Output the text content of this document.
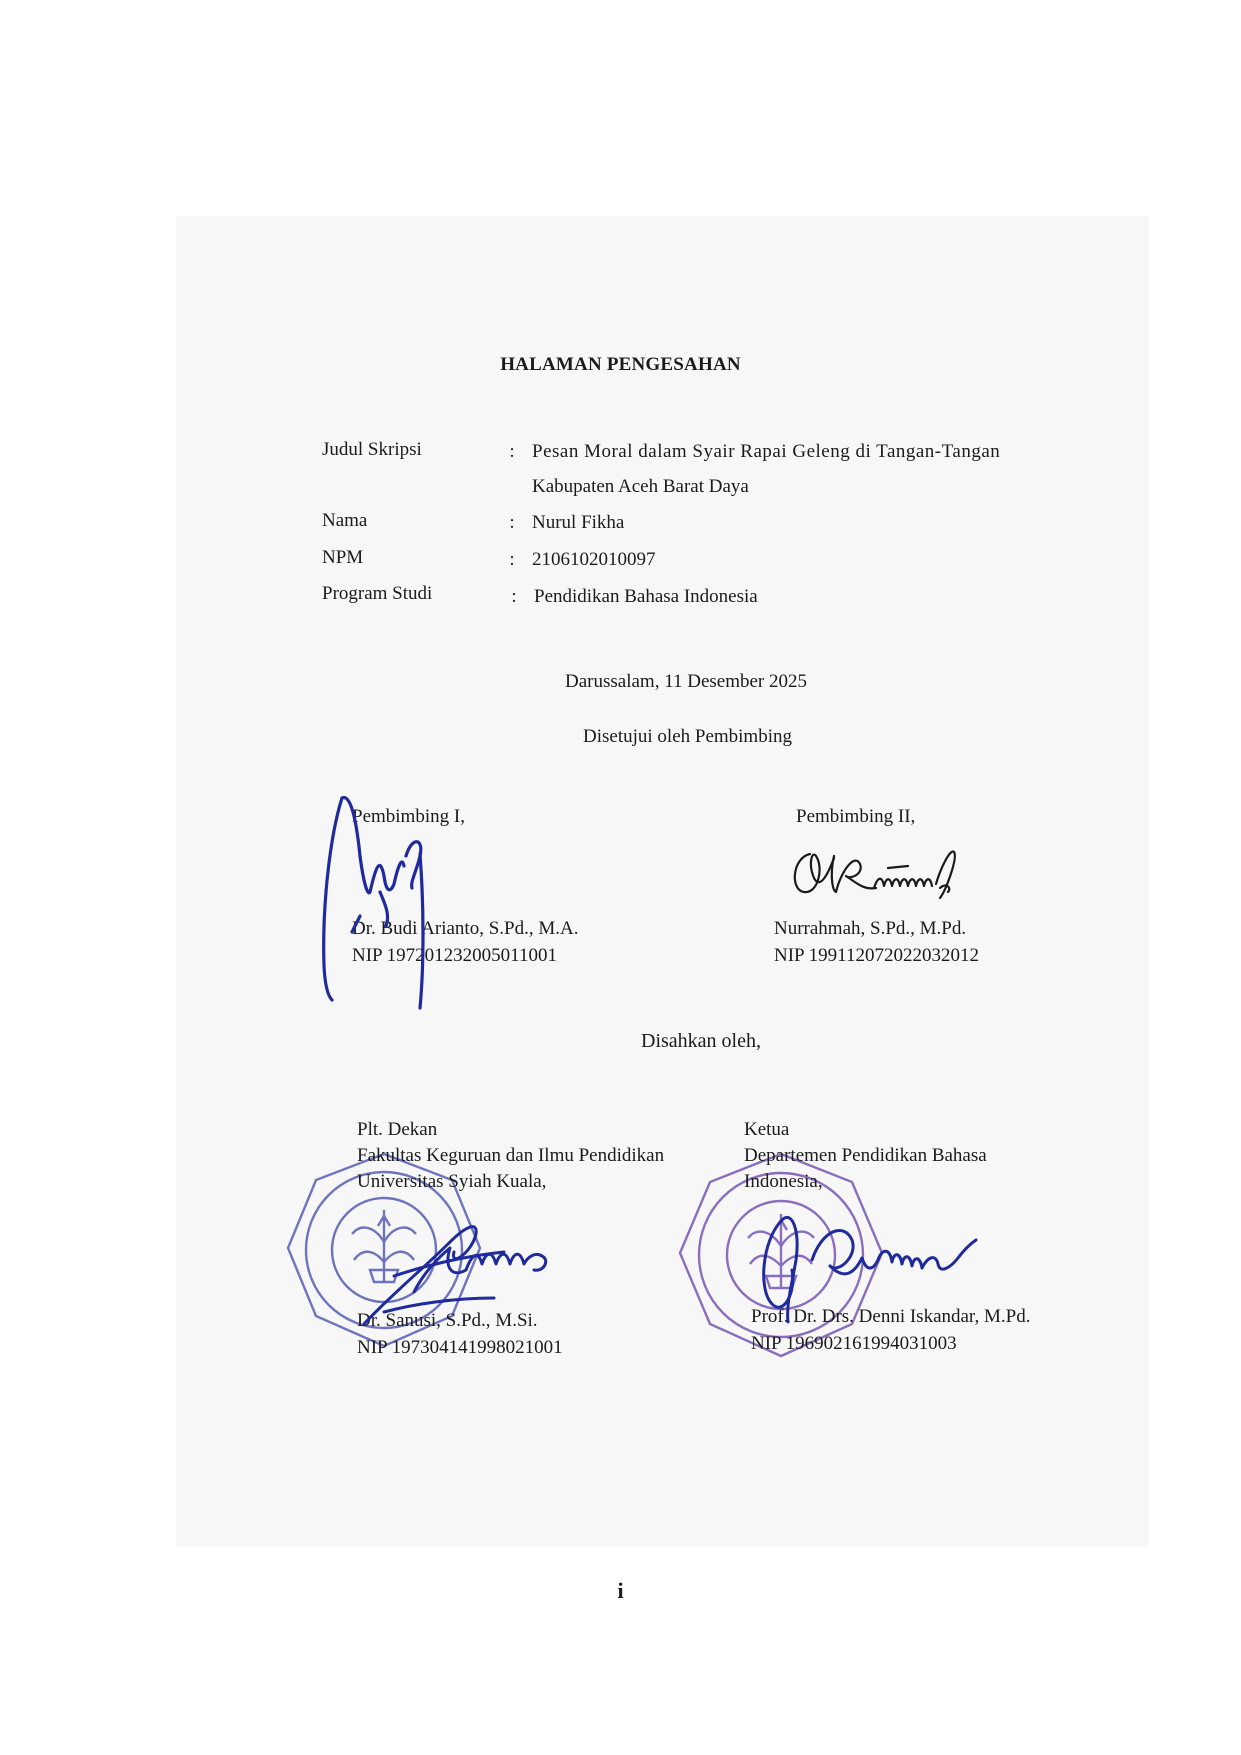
HALAMAN PENGESAHAN
Judul Skripsi	: Pesan Moral dalam Syair Rapai Geleng di Tangan-Tangan
Kabupaten Aceh Barat Daya
Nama	: Nurul Fikha
NPM	: 2106102010097
Program Studi	: Pendidikan Bahasa Indonesia
Darussalam, 11 Desember 2025
Disetujui oleh Pembimbing
Pembimbing I,
Dr. Budi Arianto, S.Pd., M.A.
NIP 197201232005011001
Pembimbing II,
Nurrahmah, S.Pd., M.Pd.
NIP 199112072022032012
Disahkan oleh,
Plt. Dekan
Fakultas Keguruan dan Ilmu Pendidikan
Universitas Syiah Kuala,
Dr. Sanusi, S.Pd., M.Si.
NIP 197304141998021001
Ketua
Departemen Pendidikan Bahasa
Indonesia,
Prof. Dr. Drs. Denni Iskandar, M.Pd.
NIP 196902161994031003
i
